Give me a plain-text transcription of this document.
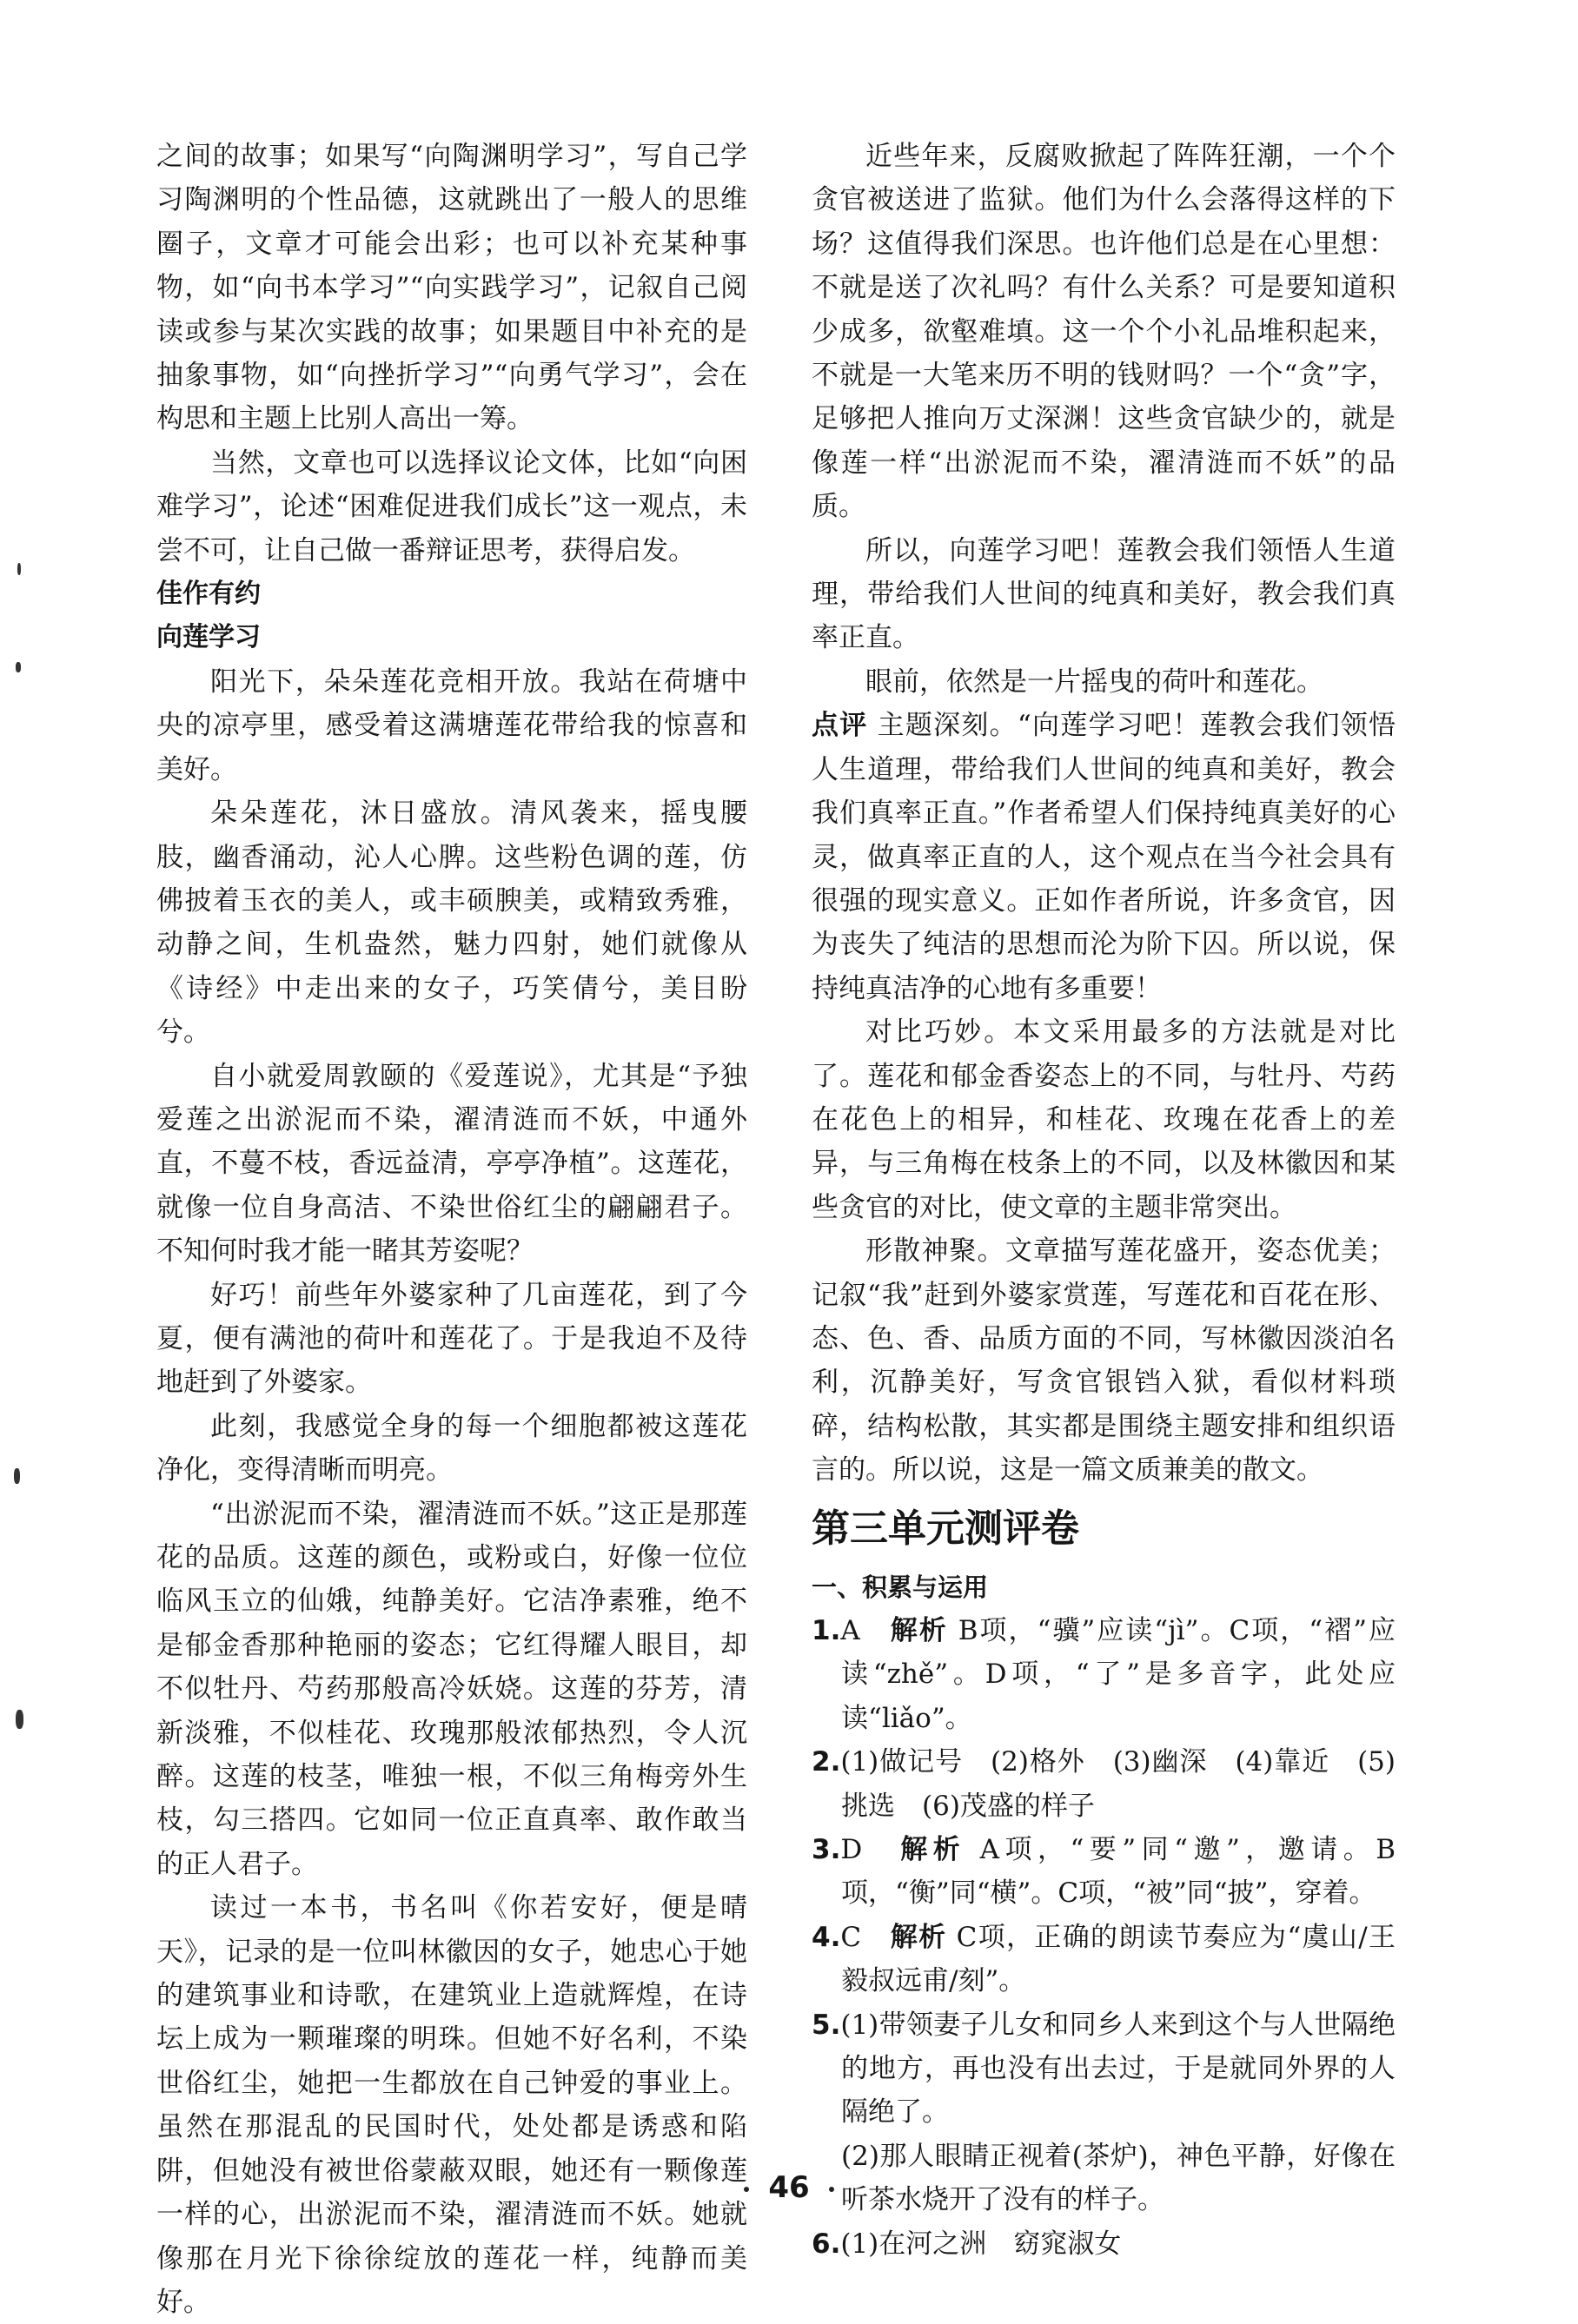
之间的故事；如果写“向陶渊明学习”，写自己学习陶渊明的个性品德，这就跳出了一般人的思维圈子，文章才可能会出彩；也可以补充某种事物，如“向书本学习”“向实践学习”，记叙自己阅读或参与某次实践的故事；如果题目中补充的是抽象事物，如“向挫折学习”“向勇气学习”，会在构思和主题上比别人高出一筹。

当然，文章也可以选择议论文体，比如“向困难学习”，论述“困难促进我们成长”这一观点，未尝不可，让自己做一番辩证思考，获得启发。

佳作有约

向莲学习

阳光下，朵朵莲花竞相开放。我站在荷塘中央的凉亭里，感受着这满塘莲花带给我的惊喜和美好。

朵朵莲花，沐日盛放。清风袭来，摇曳腰肢，幽香涌动，沁人心脾。这些粉色调的莲，仿佛披着玉衣的美人，或丰硕腴美，或精致秀雅，动静之间，生机盎然，魅力四射，她们就像从《诗经》中走出来的女子，巧笑倩兮，美目盼兮。

自小就爱周敦颐的《爱莲说》，尤其是“予独爱莲之出淤泥而不染，濯清涟而不妖，中通外直，不蔓不枝，香远益清，亭亭净植”。这莲花，就像一位自身高洁、不染世俗红尘的翩翩君子。不知何时我才能一睹其芳姿呢？

好巧！前些年外婆家种了几亩莲花，到了今夏，便有满池的荷叶和莲花了。于是我迫不及待地赶到了外婆家。

此刻，我感觉全身的每一个细胞都被这莲花净化，变得清晰而明亮。

“出淤泥而不染，濯清涟而不妖。”这正是那莲花的品质。这莲的颜色，或粉或白，好像一位位临风玉立的仙娥，纯静美好。它洁净素雅，绝不是郁金香那种艳丽的姿态；它红得耀人眼目，却不似牡丹、芍药那般高冷妖娆。这莲的芬芳，清新淡雅，不似桂花、玫瑰那般浓郁热烈，令人沉醉。这莲的枝茎，唯独一根，不似三角梅旁外生枝，勾三搭四。它如同一位正直真率、敢作敢当的正人君子。

读过一本书，书名叫《你若安好，便是晴天》，记录的是一位叫林徽因的女子，她忠心于她的建筑事业和诗歌，在建筑业上造就辉煌，在诗坛上成为一颗璀璨的明珠。但她不好名利，不染世俗红尘，她把一生都放在自己钟爱的事业上。虽然在那混乱的民国时代，处处都是诱惑和陷阱，但她没有被世俗蒙蔽双眼，她还有一颗像莲一样的心，出淤泥而不染，濯清涟而不妖。她就像那在月光下徐徐绽放的莲花一样，纯静而美好。

近些年来，反腐败掀起了阵阵狂潮，一个个贪官被送进了监狱。他们为什么会落得这样的下场？这值得我们深思。也许他们总是在心里想：不就是送了次礼吗？有什么关系？可是要知道积少成多，欲壑难填。这一个个小礼品堆积起来，不就是一大笔来历不明的钱财吗？一个“贪”字，足够把人推向万丈深渊！这些贪官缺少的，就是像莲一样“出淤泥而不染，濯清涟而不妖”的品质。

所以，向莲学习吧！莲教会我们领悟人生道理，带给我们人世间的纯真和美好，教会我们真率正直。

眼前，依然是一片摇曳的荷叶和莲花。

点评 主题深刻。“向莲学习吧！莲教会我们领悟人生道理，带给我们人世间的纯真和美好，教会我们真率正直。”作者希望人们保持纯真美好的心灵，做真率正直的人，这个观点在当今社会具有很强的现实意义。正如作者所说，许多贪官，因为丧失了纯洁的思想而沦为阶下囚。所以说，保持纯真洁净的心地有多重要！

对比巧妙。本文采用最多的方法就是对比了。莲花和郁金香姿态上的不同，与牡丹、芍药在花色上的相异，和桂花、玫瑰在花香上的差异，与三角梅在枝条上的不同，以及林徽因和某些贪官的对比，使文章的主题非常突出。

形散神聚。文章描写莲花盛开，姿态优美；记叙“我”赶到外婆家赏莲，写莲花和百花在形、态、色、香、品质方面的不同，写林徽因淡泊名利，沉静美好，写贪官银铛入狱，看似材料琐碎，结构松散，其实都是围绕主题安排和组织语言的。所以说，这是一篇文质兼美的散文。

第三单元测评卷

一、积累与运用

1.A　 解析 B项，“骥”应读“jì”。C项，“褶”应读“zhě”。D项，“了”是多音字，此处应读“liǎo”。

2.(1)做记号　(2)格外　(3)幽深　(4)靠近　(5)挑选　(6)茂盛的样子

3.D　 解析 A项，“要”同“邀”，邀请。B项，“衡”同“横”。C项，“被”同“披”，穿着。

4.C　 解析 C项，正确的朗读节奏应为“虞山/王毅叔远甫/刻”。

5.(1)带领妻子儿女和同乡人来到这个与人世隔绝的地方，再也没有出去过，于是就同外界的人隔绝了。

(2)那人眼睛正视着(茶炉)，神色平静，好像在听茶水烧开了没有的样子。

6.(1)在河之洲　窈窕淑女

46
